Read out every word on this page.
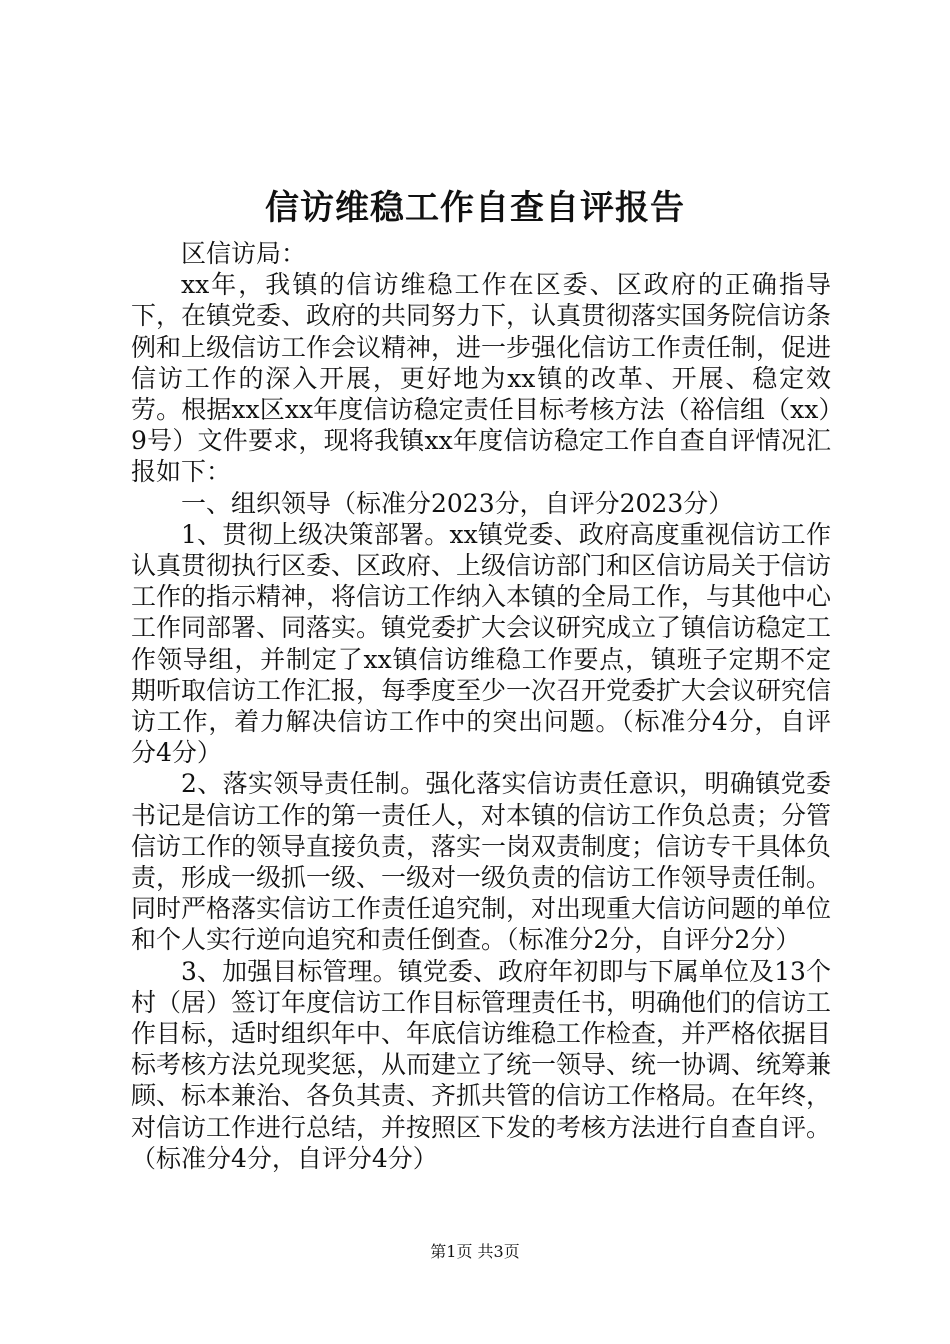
信访维稳工作自查自评报告

区信访局：

xx年，我镇的信访维稳工作在区委、区政府的正确指导下，在镇党委、政府的共同努力下，认真贯彻落实国务院信访条例和上级信访工作会议精神，进一步强化信访工作责任制，促进信访工作的深入开展，更好地为xx镇的改革、开展、稳定效劳。根据xx区xx年度信访稳定责任目标考核方法（裕信组（xx）9号）文件要求，现将我镇xx年度信访稳定工作自查自评情况汇报如下：

一、组织领导（标准分2023分，自评分2023分）

1、贯彻上级决策部署。xx镇党委、政府高度重视信访工作认真贯彻执行区委、区政府、上级信访部门和区信访局关于信访工作的指示精神，将信访工作纳入本镇的全局工作，与其他中心工作同部署、同落实。镇党委扩大会议研究成立了镇信访稳定工作领导组，并制定了xx镇信访维稳工作要点，镇班子定期不定期听取信访工作汇报，每季度至少一次召开党委扩大会议研究信访工作，着力解决信访工作中的突出问题。（标准分4分，自评分4分）

2、落实领导责任制。强化落实信访责任意识，明确镇党委书记是信访工作的第一责任人，对本镇的信访工作负总责；分管信访工作的领导直接负责，落实一岗双责制度；信访专干具体负责，形成一级抓一级、一级对一级负责的信访工作领导责任制。同时严格落实信访工作责任追究制，对出现重大信访问题的单位和个人实行逆向追究和责任倒查。（标准分2分，自评分2分）

3、加强目标管理。镇党委、政府年初即与下属单位及13个村（居）签订年度信访工作目标管理责任书，明确他们的信访工作目标，适时组织年中、年底信访维稳工作检查，并严格依据目标考核方法兑现奖惩，从而建立了统一领导、统一协调、统筹兼顾、标本兼治、各负其责、齐抓共管的信访工作格局。在年终，对信访工作进行总结，并按照区下发的考核方法进行自查自评。（标准分4分，自评分4分）

第1页 共3页
